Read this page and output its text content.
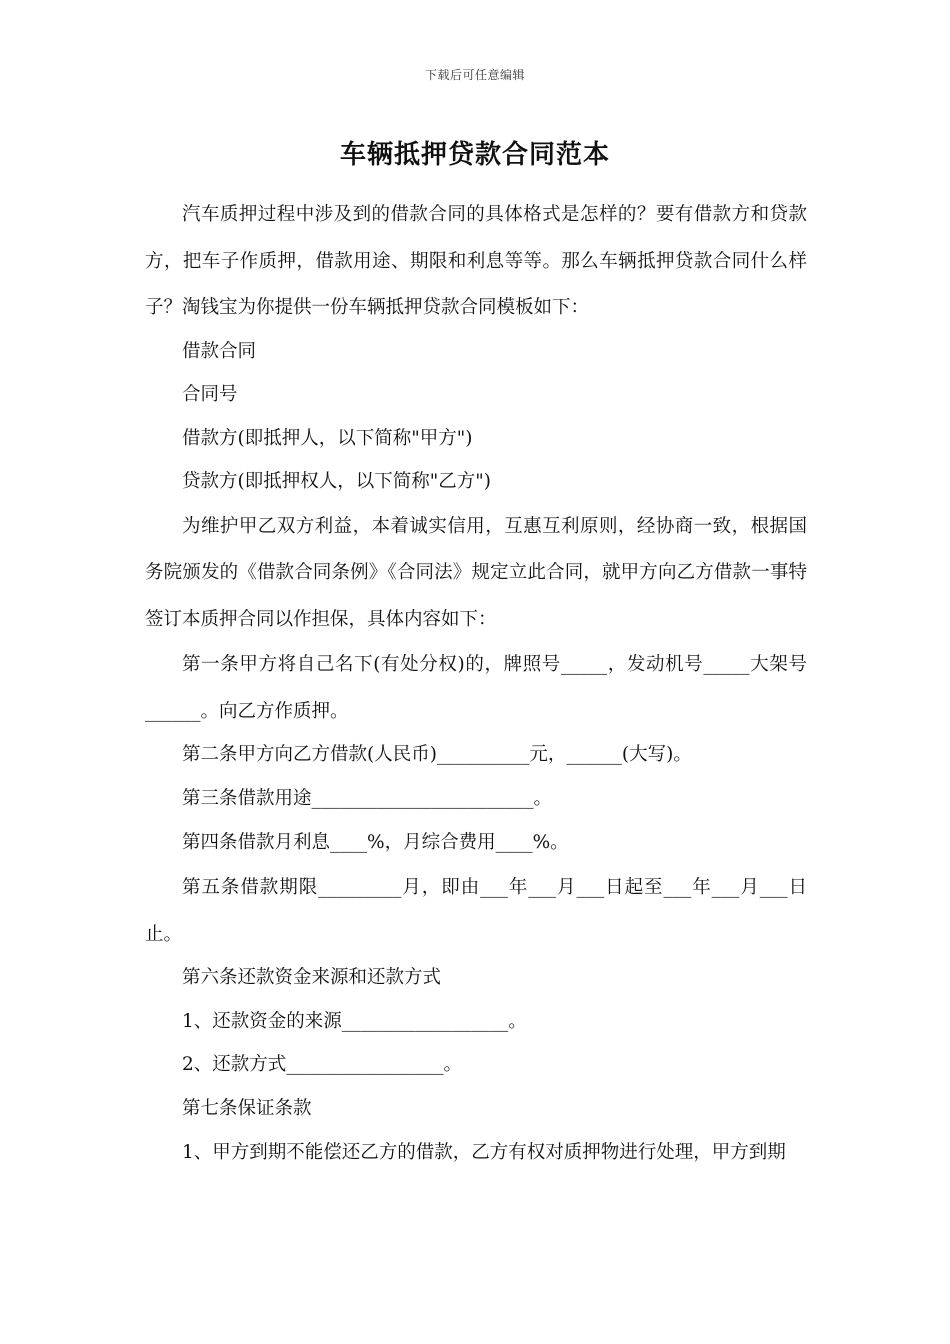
下载后可任意编辑
车辆抵押贷款合同范本

汽车质押过程中涉及到的借款合同的具体格式是怎样的？要有借款方和贷款方，把车子作质押，借款用途、期限和利息等等。那么车辆抵押贷款合同什么样子？淘钱宝为你提供一份车辆抵押贷款合同模板如下：

借款合同

合同号

借款方(即抵押人，以下简称"甲方")

贷款方(即抵押权人，以下简称"乙方")

为维护甲乙双方利益，本着诚实信用，互惠互利原则，经协商一致，根据国务院颁发的《借款合同条例》《合同法》规定立此合同，就甲方向乙方借款一事特签订本质押合同以作担保，具体内容如下：

第一条甲方将自己名下(有处分权)的，牌照号_____，发动机号_____大架号______。向乙方作质押。

第二条甲方向乙方借款(人民币)__________元，______(大写)。

第三条借款用途________________________。

第四条借款月利息____%，月综合费用____%。

第五条借款期限_________月，即由___年___月___日起至___年___月___日止。

第六条还款资金来源和还款方式

1、还款资金的来源__________________。

2、还款方式_________________。

第七条保证条款

1、甲方到期不能偿还乙方的借款，乙方有权对质押物进行处理，甲方到期
